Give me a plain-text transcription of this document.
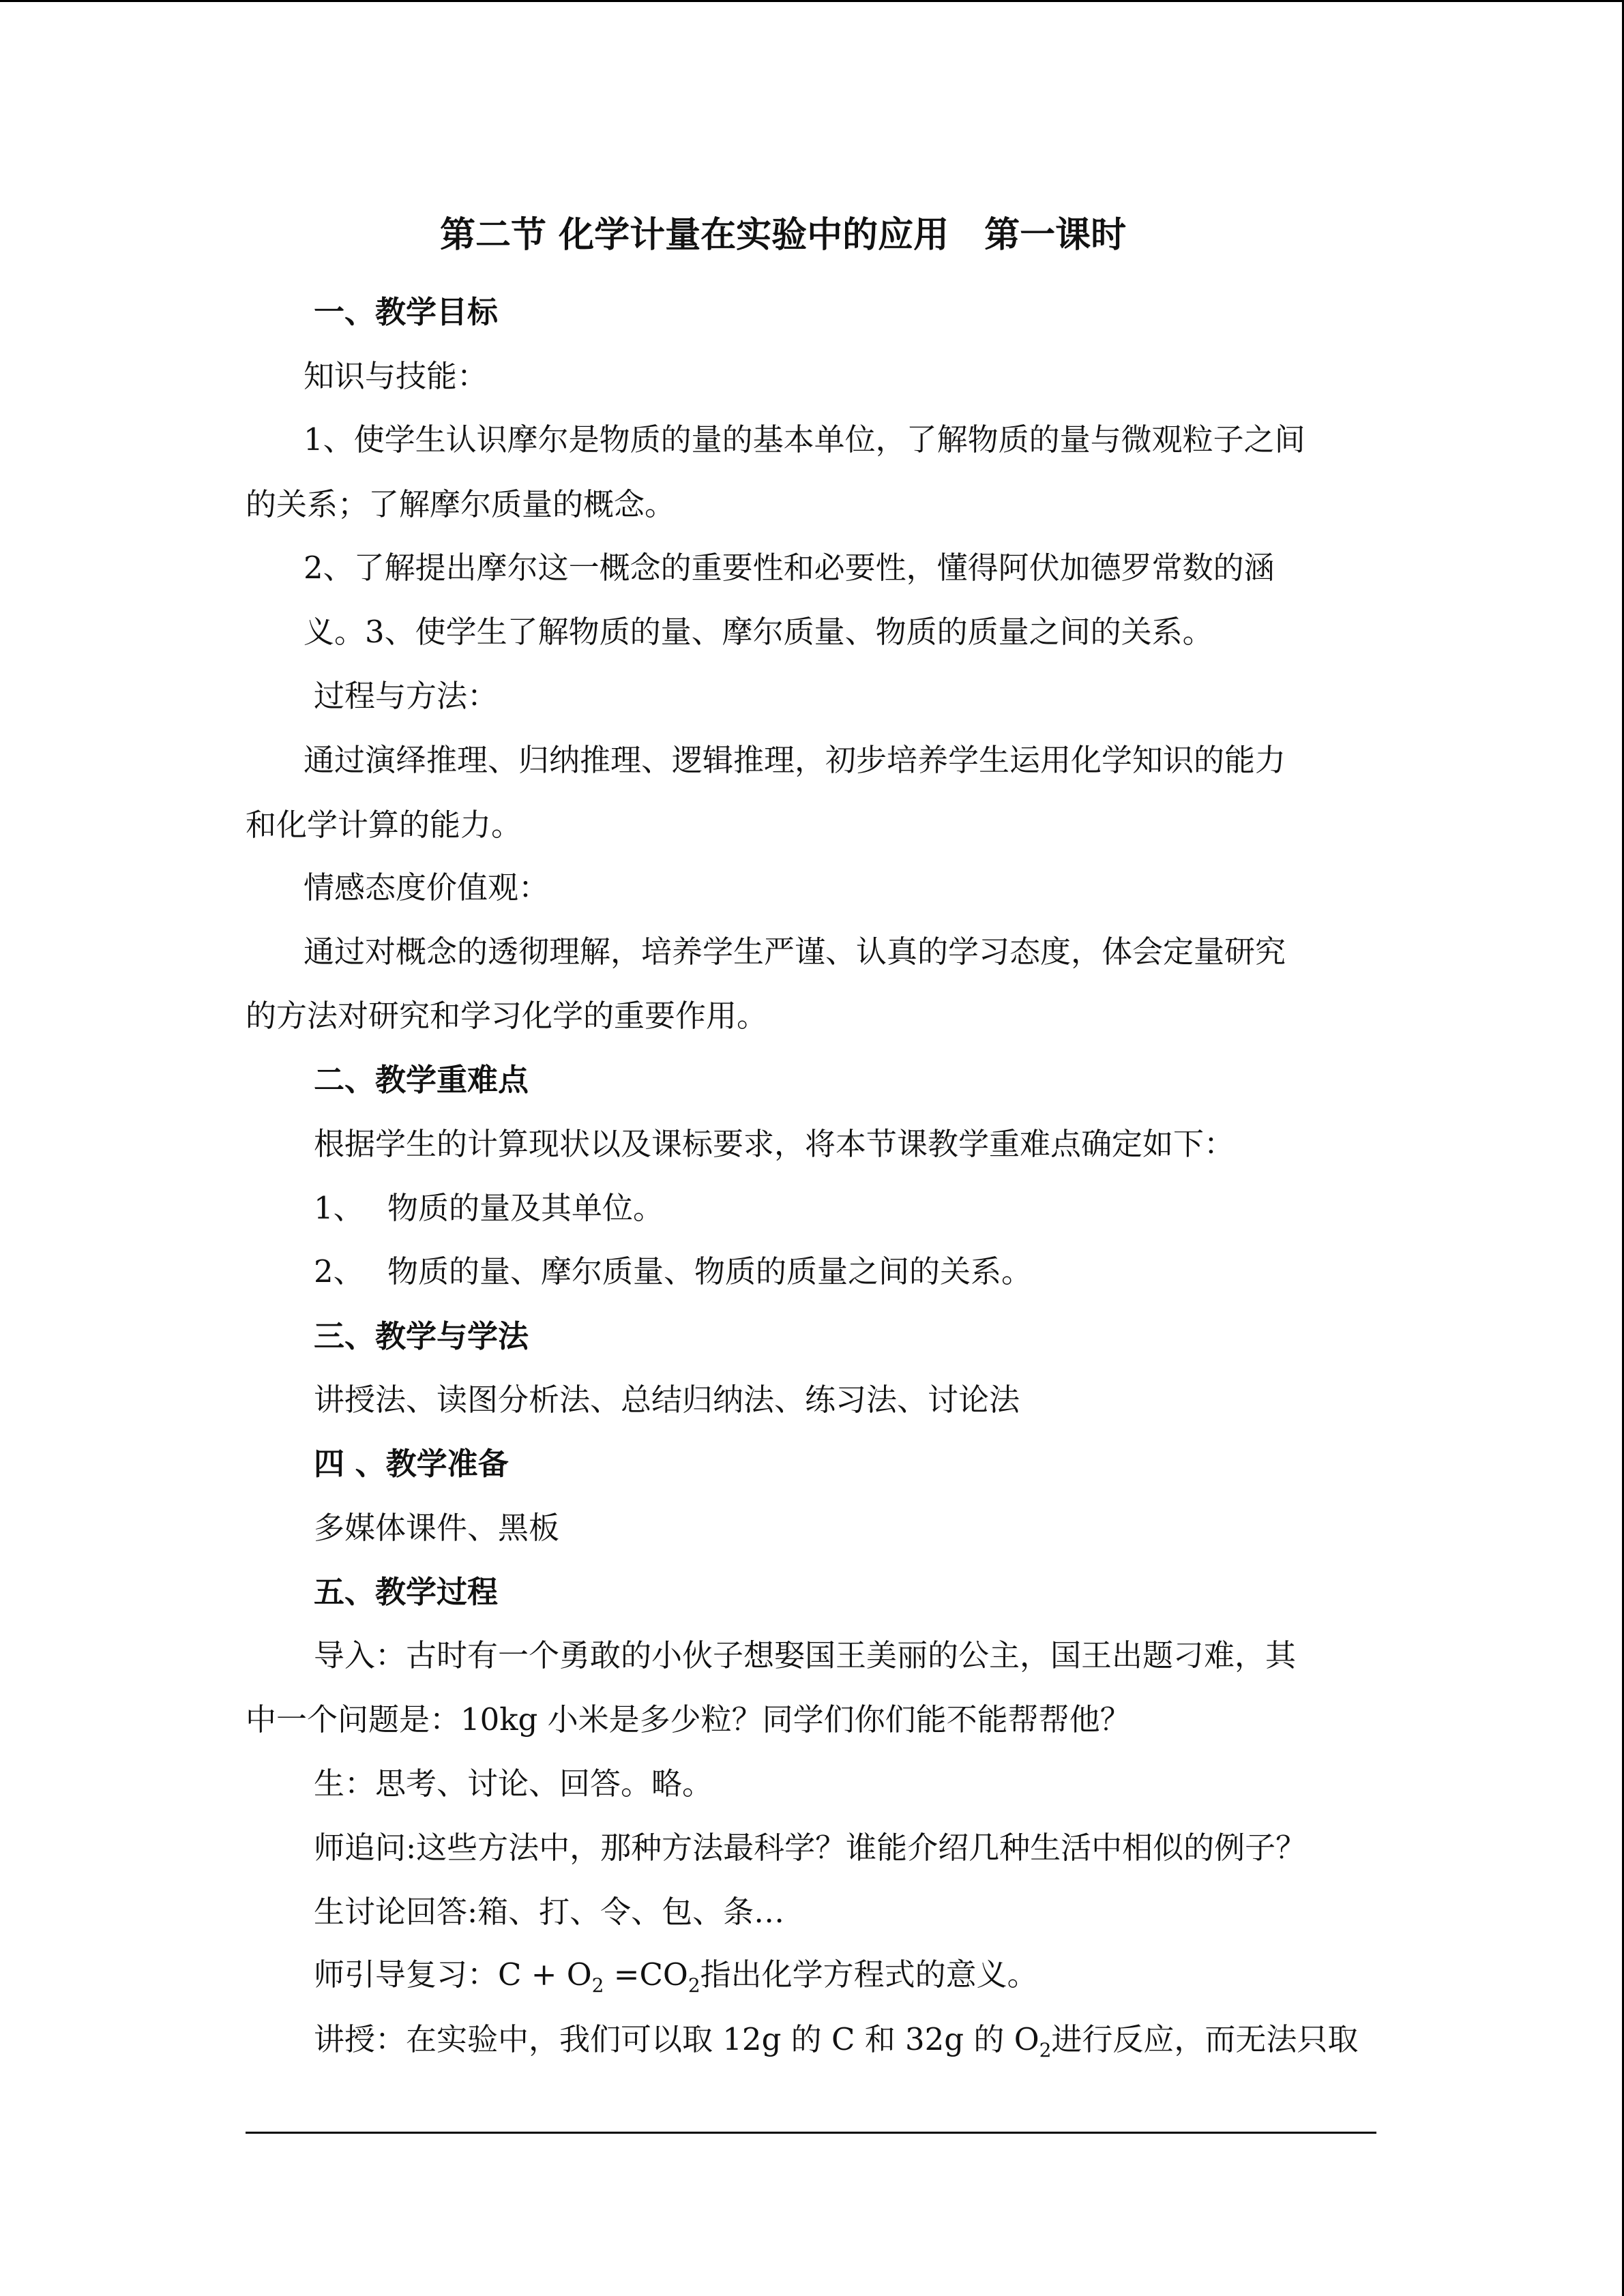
第二节 化学计量在实验中的应用　第一课时
一、教学目标
知识与技能：
1、使学生认识摩尔是物质的量的基本单位，了解物质的量与微观粒子之间
的关系；了解摩尔质量的概念。
2、了解提出摩尔这一概念的重要性和必要性，懂得阿伏加德罗常数的涵
义。3、使学生了解物质的量、摩尔质量、物质的质量之间的关系。
过程与方法：
通过演绎推理、归纳推理、逻辑推理，初步培养学生运用化学知识的能力
和化学计算的能力。
情感态度价值观：
通过对概念的透彻理解，培养学生严谨、认真的学习态度，体会定量研究
的方法对研究和学习化学的重要作用。
二、教学重难点
根据学生的计算现状以及课标要求，将本节课教学重难点确定如下：
1、 物质的量及其单位。
2、 物质的量、摩尔质量、物质的质量之间的关系。
三、教学与学法
讲授法、读图分析法、总结归纳法、练习法、讨论法
四 、教学准备
多媒体课件、黑板
五、教学过程
导入：古时有一个勇敢的小伙子想娶国王美丽的公主，国王出题刁难，其
中一个问题是：10kg 小米是多少粒？同学们你们能不能帮帮他？
生：思考、讨论、回答。略。
师追问:这些方法中，那种方法最科学？谁能介绍几种生活中相似的例子？
生讨论回答:箱、打、令、包、条…
师引导复习：$C + O_2 =CO_2$指出化学方程式的意义。
讲授：在实验中，我们可以取 12g 的 C 和 32g 的 $O_2$进行反应，而无法只取
